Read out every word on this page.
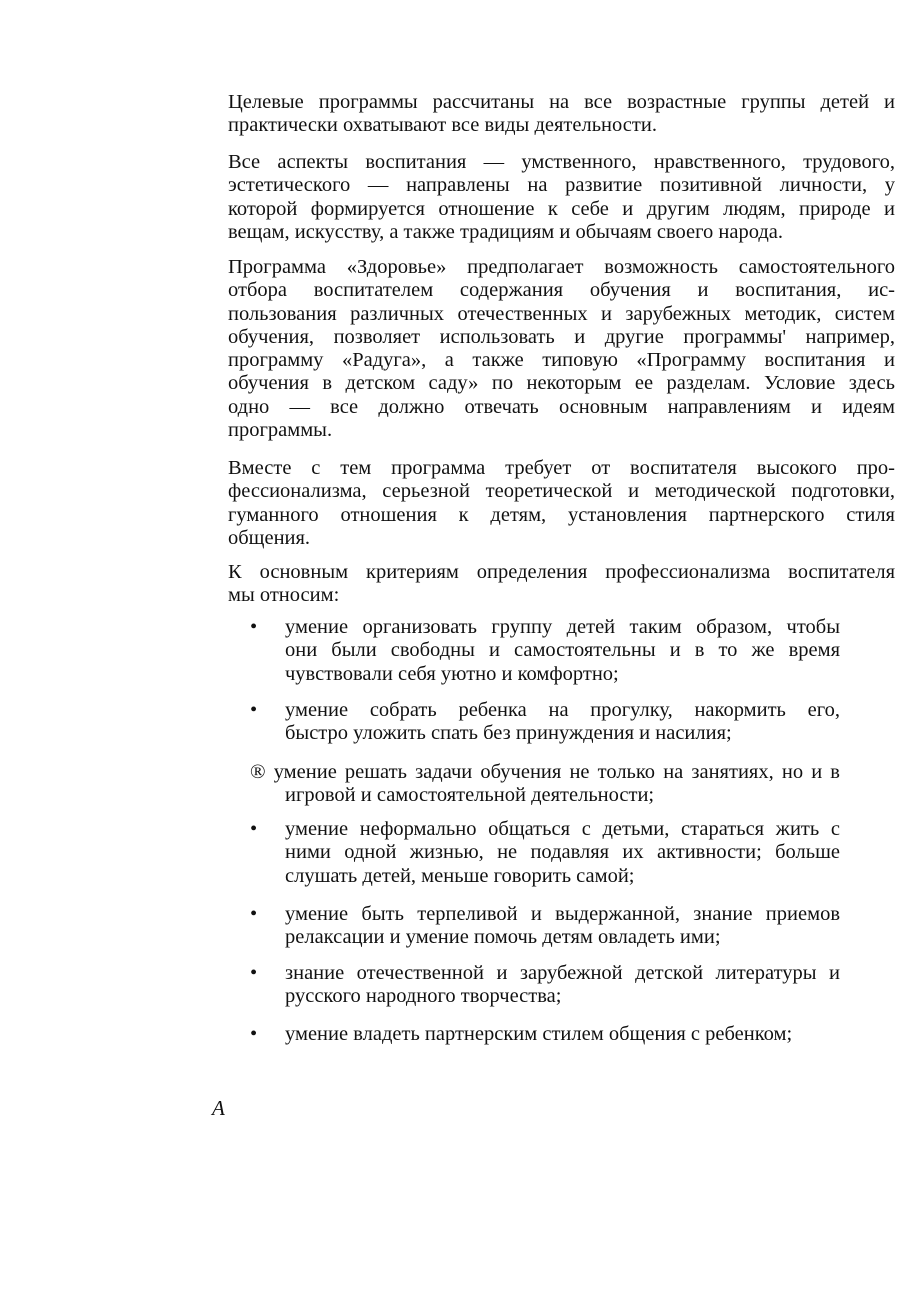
A
Целевые программы рассчитаны на все возрастные группы детей и
практически охватывают все виды деятельности.
Все аспекты воспитания — умственного, нравственного, трудового,
эстетического — направлены на развитие позитивной личности, у
которой формируется отношение к себе и другим людям, природе и
вещам, искусству, а также традициям и обычаям своего народа.
Программа «Здоровье» предполагает возможность самостоятельного
отбора воспитателем содержания обучения и воспитания, ис-
пользования различных отечественных и зарубежных методик, систем
обучения, позволяет использовать и другие программы' например,
программу «Радуга», а также типовую «Программу воспитания и
обучения в детском саду» по некоторым ее разделам. Условие здесь
одно — все должно отвечать основным направлениям и идеям
программы.
Вместе с тем программа требует от воспитателя высокого про-
фессионализма, серьезной теоретической и методической подготовки,
гуманного отношения к детям, установления партнерского стиля
общения.
К основным критериям определения профессионализма воспитателя
мы относим:
• умение организовать группу детей таким образом, чтобы
они были свободны и самостоятельны и в то же время
чувствовали себя уютно и комфортно;
• умение собрать ребенка на прогулку, накормить его,
быстро уложить спать без принуждения и насилия;
® умение решать задачи обучения не только на занятиях, но и в
игровой и самостоятельной деятельности;
• умение неформально общаться с детьми, стараться жить с
ними одной жизнью, не подавляя их активности; больше
слушать детей, меньше говорить самой;
• умение быть терпеливой и выдержанной, знание приемов
релаксации и умение помочь детям овладеть ими;
• знание отечественной и зарубежной детской литературы и
русского народного творчества;
• умение владеть партнерским стилем общения с ребенком;
